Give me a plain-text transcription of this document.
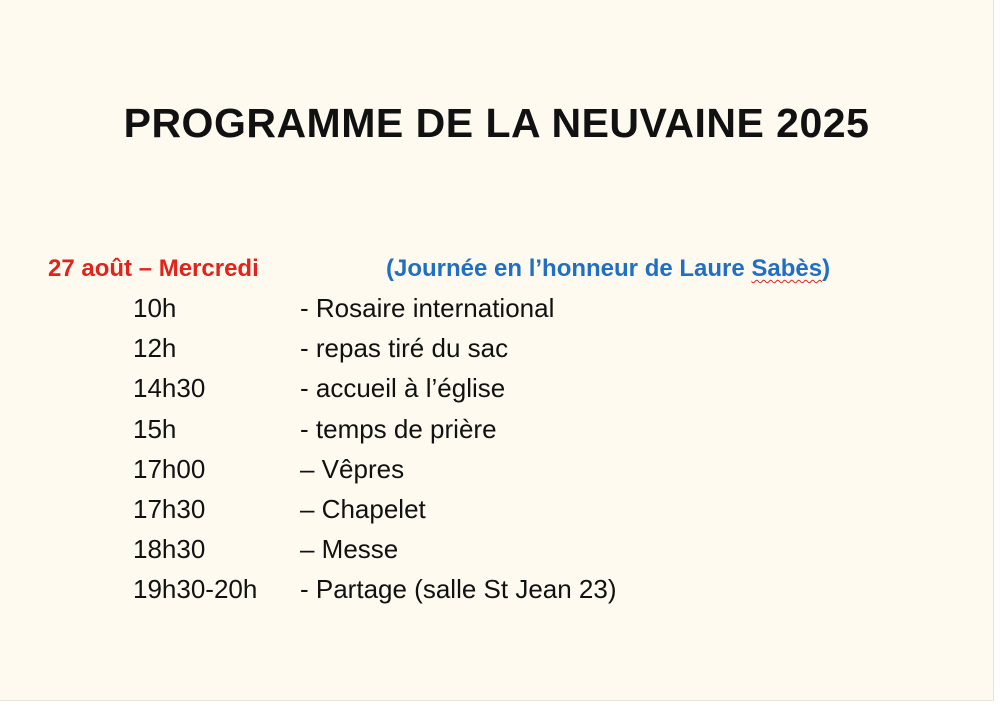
PROGRAMME DE LA NEUVAINE 2025
27 août – Mercredi	(Journée en l’honneur de Laure Sabès)
10h	- Rosaire international
12h	- repas tiré du sac
14h30	- accueil à l’église
15h	- temps de prière
17h00	– Vêpres
17h30	– Chapelet
18h30	– Messe
19h30-20h - Partage (salle St Jean 23)
